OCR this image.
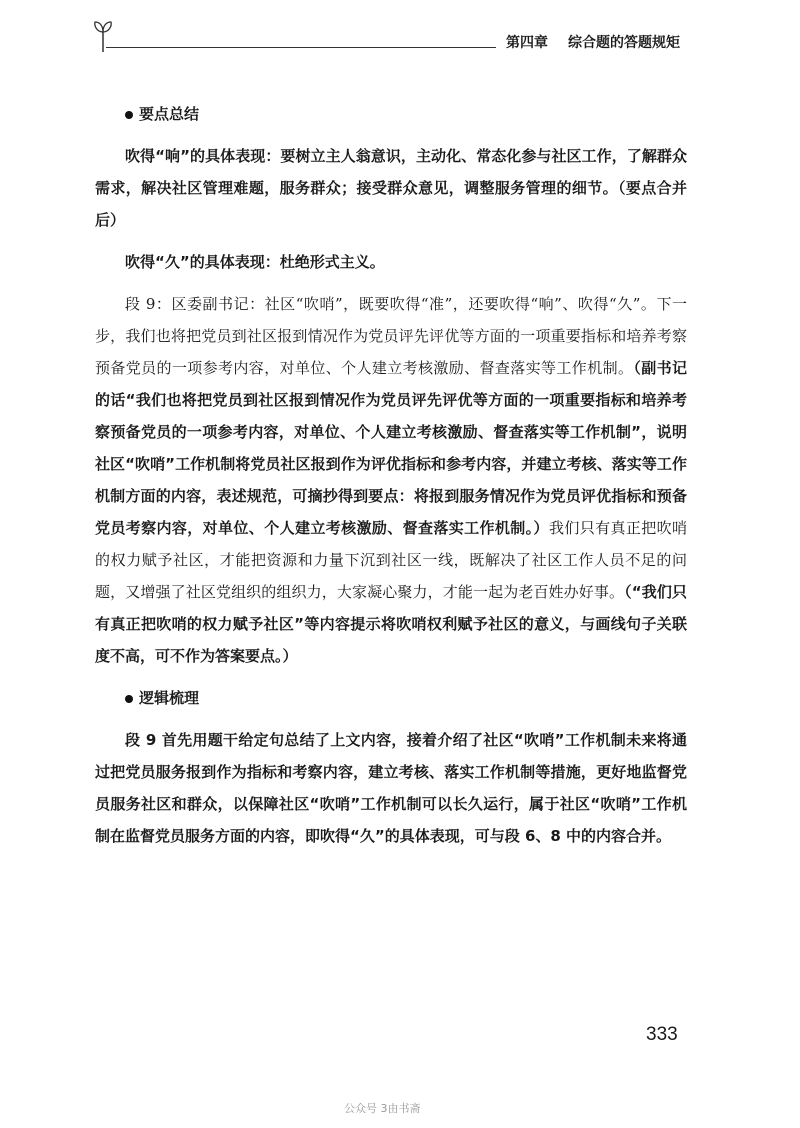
第四章 综合题的答题规矩

要点总结

吹得“响”的具体表现：要树立主人翁意识，主动化、常态化参与社区工作，了解群众需求，解决社区管理难题，服务群众；接受群众意见，调整服务管理的细节。（要点合并后）

吹得“久”的具体表现：杜绝形式主义。

段 9：区委副书记：社区“吹哨”，既要吹得“准”，还要吹得“响”、吹得“久”。下一步，我们也将把党员到社区报到情况作为党员评先评优等方面的一项重要指标和培养考察预备党员的一项参考内容，对单位、个人建立考核激励、督查落实等工作机制。（副书记的话“我们也将把党员到社区报到情况作为党员评先评优等方面的一项重要指标和培养考察预备党员的一项参考内容，对单位、个人建立考核激励、督查落实等工作机制”，说明社区“吹哨”工作机制将党员社区报到作为评优指标和参考内容，并建立考核、落实等工作机制方面的内容，表述规范，可摘抄得到要点：将报到服务情况作为党员评优指标和预备党员考察内容，对单位、个人建立考核激励、督查落实工作机制。）我们只有真正把吹哨的权力赋予社区，才能把资源和力量下沉到社区一线，既解决了社区工作人员不足的问题，又增强了社区党组织的组织力，大家凝心聚力，才能一起为老百姓办好事。（“我们只有真正把吹哨的权力赋予社区”等内容提示将吹哨权利赋予社区的意义，与画线句子关联度不高，可不作为答案要点。）

逻辑梳理

段 9 首先用题干给定句总结了上文内容，接着介绍了社区“吹哨”工作机制未来将通过把党员服务报到作为指标和考察内容，建立考核、落实工作机制等措施，更好地监督党员服务社区和群众，以保障社区“吹哨”工作机制可以长久运行，属于社区“吹哨”工作机制在监督党员服务方面的内容，即吹得“久”的具体表现，可与段 6、8 中的内容合并。

333
公众号 3由书斋
